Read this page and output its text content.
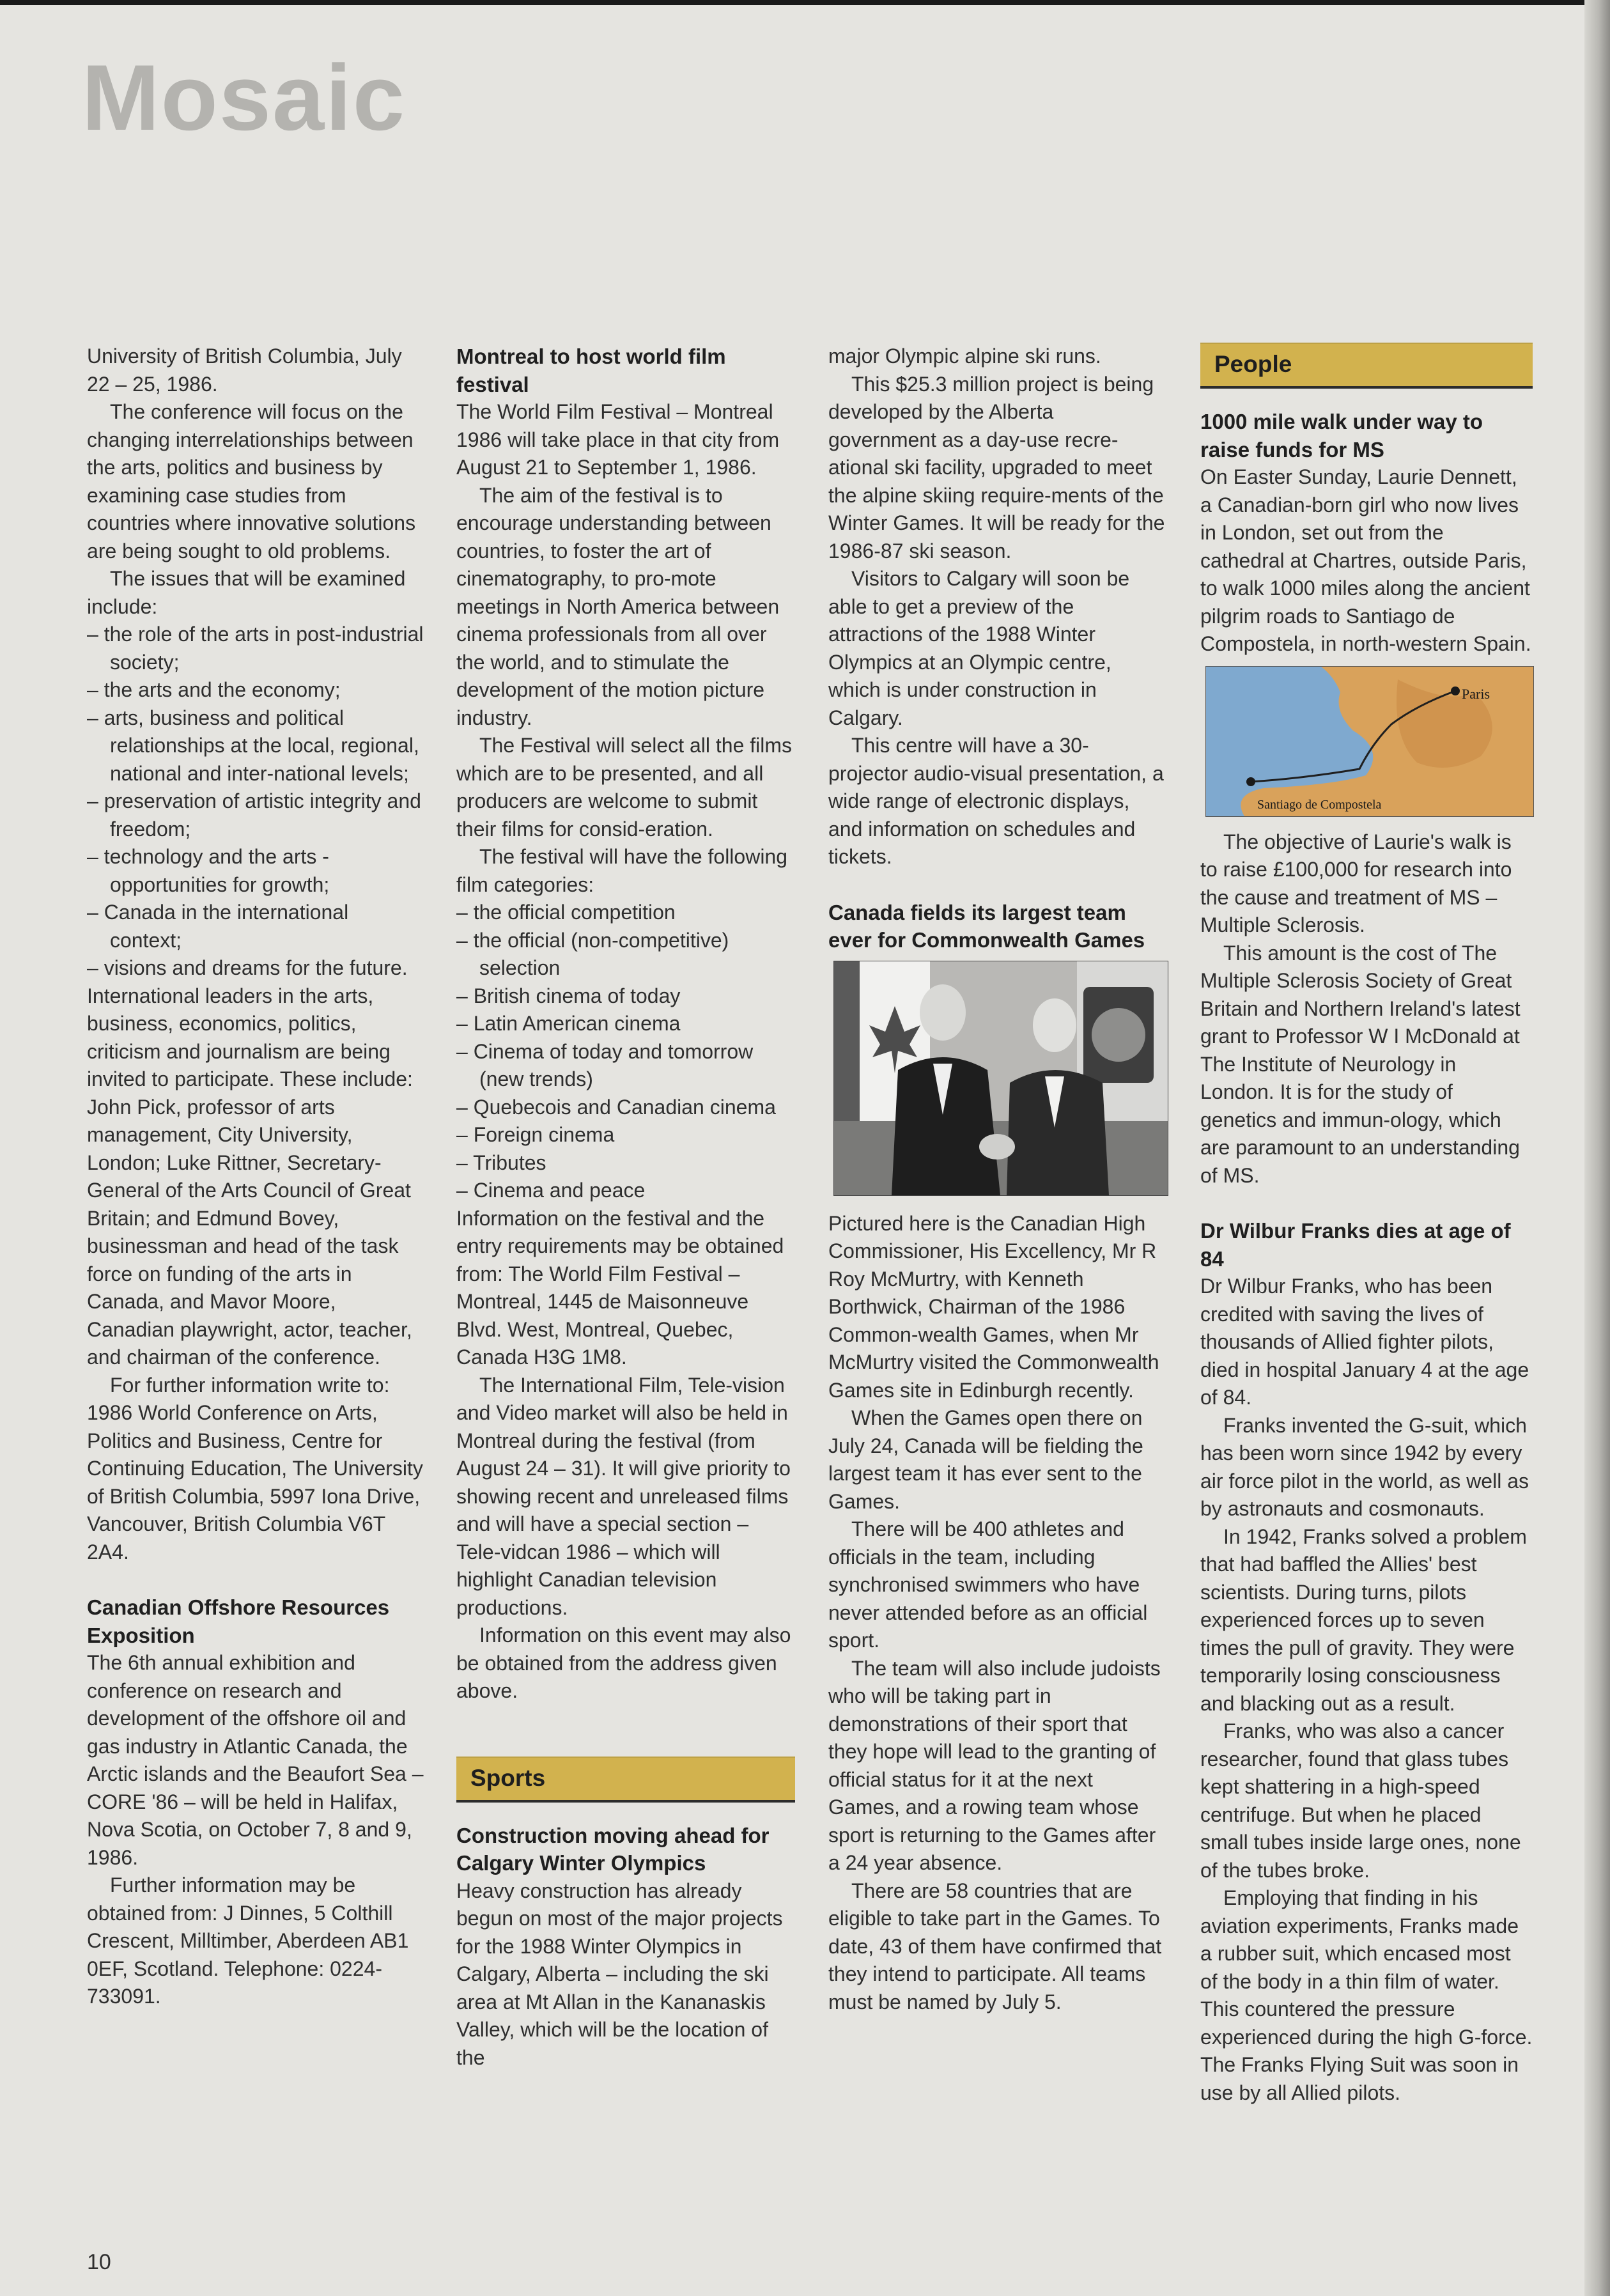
Mosaic

University of British Columbia, July 22 – 25, 1986.

The conference will focus on the changing interrelationships between the arts, politics and business by examining case studies from countries where innovative solutions are being sought to old problems.

The issues that will be examined include:

– the role of the arts in post-industrial society;

– the arts and the economy;

– arts, business and political relationships at the local, regional, national and inter-national levels;

– preservation of artistic integrity and freedom;

– technology and the arts - opportunities for growth;

– Canada in the international context;

– visions and dreams for the future.

International leaders in the arts, business, economics, politics, criticism and journalism are being invited to participate. These include: John Pick, professor of arts management, City University, London; Luke Rittner, Secretary-General of the Arts Council of Great Britain; and Edmund Bovey, businessman and head of the task force on funding of the arts in Canada, and Mavor Moore, Canadian playwright, actor, teacher, and chairman of the conference.

For further information write to: 1986 World Conference on Arts, Politics and Business, Centre for Continuing Education, The University of British Columbia, 5997 Iona Drive, Vancouver, British Columbia V6T 2A4.

Canadian Offshore Resources Exposition

The 6th annual exhibition and conference on research and development of the offshore oil and gas industry in Atlantic Canada, the Arctic islands and the Beaufort Sea – CORE '86 – will be held in Halifax, Nova Scotia, on October 7, 8 and 9, 1986.

Further information may be obtained from: J Dinnes, 5 Colthill Crescent, Milltimber, Aberdeen AB1 0EF, Scotland. Telephone: 0224-733091.

Montreal to host world film festival

The World Film Festival – Montreal 1986 will take place in that city from August 21 to September 1, 1986.

The aim of the festival is to encourage understanding between countries, to foster the art of cinematography, to pro-mote meetings in North America between cinema professionals from all over the world, and to stimulate the development of the motion picture industry.

The Festival will select all the films which are to be presented, and all producers are welcome to submit their films for consid-eration.

The festival will have the following film categories:

– the official competition

– the official (non-competitive) selection

– British cinema of today

– Latin American cinema

– Cinema of today and tomorrow (new trends)

– Quebecois and Canadian cinema

– Foreign cinema

– Tributes

– Cinema and peace

Information on the festival and the entry requirements may be obtained from: The World Film Festival – Montreal, 1445 de Maisonneuve Blvd. West, Montreal, Quebec, Canada H3G 1M8.

The International Film, Tele-vision and Video market will also be held in Montreal during the festival (from August 24 – 31). It will give priority to showing recent and unreleased films and will have a special section – Tele-vidcan 1986 – which will highlight Canadian television productions.

Information on this event may also be obtained from the address given above.

Sports

Construction moving ahead for Calgary Winter Olympics

Heavy construction has already begun on most of the major projects for the 1988 Winter Olympics in Calgary, Alberta – including the ski area at Mt Allan in the Kananaskis Valley, which will be the location of the

major Olympic alpine ski runs.

This $25.3 million project is being developed by the Alberta government as a day-use recre-ational ski facility, upgraded to meet the alpine skiing require-ments of the Winter Games. It will be ready for the 1986-87 ski season.

Visitors to Calgary will soon be able to get a preview of the attractions of the 1988 Winter Olympics at an Olympic centre, which is under construction in Calgary.

This centre will have a 30-projector audio-visual presentation, a wide range of electronic displays, and information on schedules and tickets.

Canada fields its largest team ever for Commonwealth Games

Pictured here is the Canadian High Commissioner, His Excellency, Mr R Roy McMurtry, with Kenneth Borthwick, Chairman of the 1986 Common-wealth Games, when Mr McMurtry visited the Commonwealth Games site in Edinburgh recently.

When the Games open there on July 24, Canada will be fielding the largest team it has ever sent to the Games.

There will be 400 athletes and officials in the team, including synchronised swimmers who have never attended before as an official sport.

The team will also include judoists who will be taking part in demonstrations of their sport that they hope will lead to the granting of official status for it at the next Games, and a rowing team whose sport is returning to the Games after a 24 year absence.

There are 58 countries that are eligible to take part in the Games. To date, 43 of them have confirmed that they intend to participate. All teams must be named by July 5.

People

1000 mile walk under way to raise funds for MS

On Easter Sunday, Laurie Dennett, a Canadian-born girl who now lives in London, set out from the cathedral at Chartres, outside Paris, to walk 1000 miles along the ancient pilgrim roads to Santiago de Compostela, in north-western Spain.

Paris
Santiago de Compostela

The objective of Laurie's walk is to raise £100,000 for research into the cause and treatment of MS – Multiple Sclerosis.

This amount is the cost of The Multiple Sclerosis Society of Great Britain and Northern Ireland's latest grant to Professor W I McDonald at The Institute of Neurology in London. It is for the study of genetics and immun-ology, which are paramount to an understanding of MS.

Dr Wilbur Franks dies at age of 84

Dr Wilbur Franks, who has been credited with saving the lives of thousands of Allied fighter pilots, died in hospital January 4 at the age of 84.

Franks invented the G-suit, which has been worn since 1942 by every air force pilot in the world, as well as by astronauts and cosmonauts.

In 1942, Franks solved a problem that had baffled the Allies' best scientists. During turns, pilots experienced forces up to seven times the pull of gravity. They were temporarily losing consciousness and blacking out as a result.

Franks, who was also a cancer researcher, found that glass tubes kept shattering in a high-speed centrifuge. But when he placed small tubes inside large ones, none of the tubes broke.

Employing that finding in his aviation experiments, Franks made a rubber suit, which encased most of the body in a thin film of water. This countered the pressure experienced during the high G-force. The Franks Flying Suit was soon in use by all Allied pilots.

10
